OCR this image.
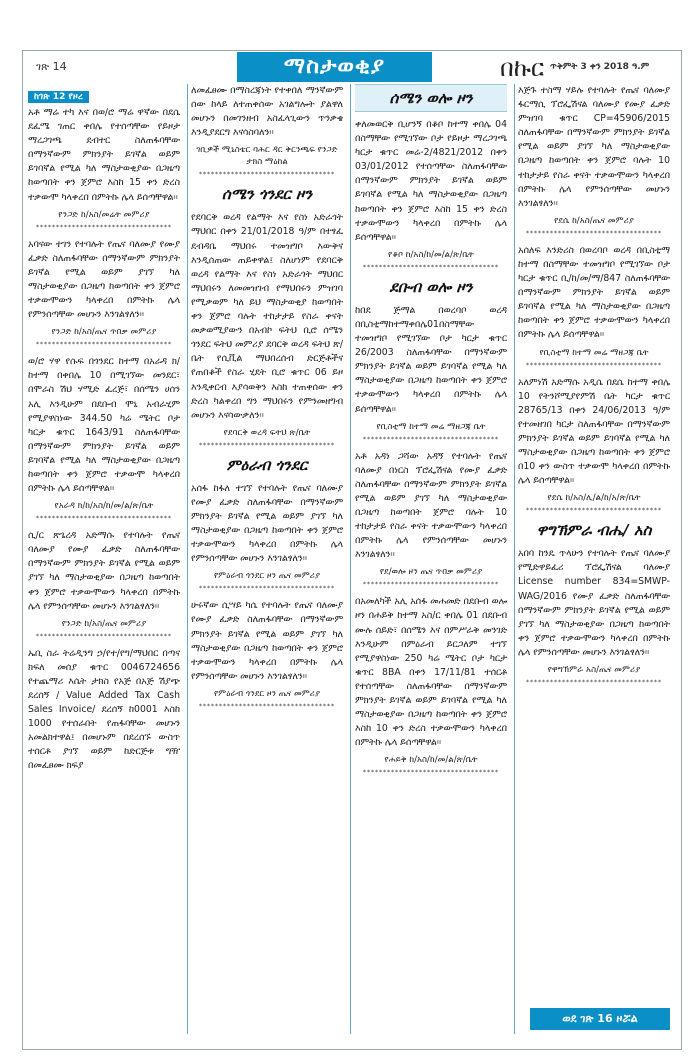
ገጽ 14	ማስታወቂያ	በኩር ጥቅምት 3 ቀን 2018 ዓ.ም
ከገጽ 12 የዞረ

አቶ ማሬ ተካ እና በወ/ሮ ማሬ ዋኛው በደሴ ደፈሜ ገጠር ቀበሌ የተሰጣቸው የይዞታ ማረጋገጫ ደብተር ስለጠፋባቸው በማንኛውም ምክንያት ይገኛል ወይም ይገባኛል የሚል ካለ ማስታወቂያው በጋዜጣ ከወጣበት ቀን ጀምሮ እስከ 15 ቀን ድረስ ተቃውሞ ካላቀረበ በምትኩ ሌላ ይሰጣቸዋል፡፡

የንጋድ ከ/አስ/መሬት መምሪያ

**********************************

አባናው ተገን የተባሉት የጤና ባለሙያ የሙያ ፈቃድ ስለጠፋባቸው በማንኛውም ምክንያት ይገኛል የሚል ወይም ያገኘ ካለ ማስታወቂያው በጋዜጣ ከወጣበት ቀን ጀምሮ ተቃውሞውን ካላቀረበ በምትኩ ሌላ የምንሰጣቸው መሆኑን እንገልፃለን፡፡

የንጋድ ከ/አስ/ጤና ጥበቃ መምሪያ

**********************************

ወ/ሮ ሃዋ የሱፍ በጎንደር ከተማ በአራዳ ክ/ከተማ በቀበሌ 10 በሚገኘው መንደር፣ በሞራስ ሽህ ሃሚድ ፈረጅ፣ በሰሜን ሀሰን አሊ እንዲሁም በደቡብ ሞኒ አብራሂም የሚያዋስነው 344.50 ካሬ ሜትር ቦታ ካርታ ቁጥር 1643/91 ስለጠፋባቸው በማንኛውም ምክንያት ይገኛል ወይም ይገባኛል የሚል ካለ ማስታወቂያው በጋዜጣ ከወጣበት ቀን ጀምሮ ተቃውሞ ካላቀረበ በምትኩ ሌላ ይሰጣቸዋል፡፡

የአራዳ ክ/ከ/አስ/ከ/መ/ል/ጽ/ቤት

**********************************

ሲ/ር ጽጌረዳ አድማሱ የተባሉት የጤና ባለሙያ የሙያ ፈቃድ ስለጠፋባቸው በማንኛውም ምክንያት ይገኛል የሚል ወይም ያገኘ ካለ ማስታወቂያው በጋዜጣ ከወጣበት ቀን ጀምሮ ተቃውሞውን ካላቀረበ በምትኩ ሌላ የምንሰጣቸው መሆኑን እንገልፃለን፡፡

የንጋድ ከ/አስ/ጤና መምሪያ

**********************************

ኤቢ ስራ ትሬዲንግ ኃ/የተ/የግ/ማህበር በጣና ክፍለ መሰያ ቁጥር 0046724656 የተጨማሪ እሴት ታክስ የአጅ በአጅ ሽያጭ ደረሰኝ / Value Added Tax Cash Sales Invoice/ ደረሰኝ ከ0001 እስከ 1000 የተሰራበት የጠፋባቸው መሆኑን አመልክተዋል፤ በመሆኑም በደረሰኙ ውስጥ ተሰርቶ ያገኘ ወይም ከድርጅቱ ግዥ በመፈፀሙ ክፍያ

ለመፈፀሙ በማስረጃነት የተቀበለ ማንኛውም ሰው ከላይ ለተጠቀሰው አገልግሎት ያልዋለ መሆኑን በመገንዘብ አስፈላጊውን ጥንቃቄ እንዲያደርግ እናሳስባለን፡፡

ገቢዎች ሚኒስቴር ባሕር ዳር ቅርንጫፍ የንጋድ ታክስ ማዕከል

**********************************
ሰሜን ጎንደር ዞን

የደባርቅ ወረዳ የልማት እና የስነ አድራጎት ማህበር በቀን 21/01/2018 ዓ/ም በተፃፈ ደብዳቤ ማህበሩ ተመዝግቦ እውቅና እንዲሰጠው ጠይቀዋል፤ ስለሆነም የደባርቅ ወረዳ የልማት እና የስነ አድራጎት ማህበር ማህበሩን ለመመዝገብ የማህበሩን ምዝገባ የሚቃወም ካለ ይህ ማስታወቂያ ከወጣበት ቀን ጀምሮ ባሉት ተከታታይ የስራ ቀናት መቃወሚያውን በአብኮ ፍትህ ቢሮ ሰሜን ጎንደር ፍትህ መምሪያ ደባርቅ ወረዳ ፍትህ ጽ/ቤት የሲቪል ማህበረሰብ ድርጅቶችና የጠበቆች የስራ ሂደት ቢሮ ቁጥር 06 ይዞ እንዲቀርብ እያሳወቅን እስከ ተጠቀሰው ቀን ድረስ ካልቀረበ ግን ማህበሩን የምንመዘግብ መሆኑን እናሳውቃለን፡፡

የደባርቅ ወረዳ ፍትህ ጽ/ቤት

**********************************
ምዕራብ ጎንደር

አሰፋ ከፋለ ተገኘ የተባሉት የጤና ባለሙያ የሙያ ፈቃድ ስለጠፋባቸው በማንኛውም ምክንያት ይገኛል የሚል ወይም ያገኘ ካለ ማስታወቂያው በጋዜጣ ከወጣበት ቀን ጀምሮ ተቃውሞውን ካላቀረበ በምትኩ ሌላ የምንሰጣቸው መሆኑን እንገልፃለን፡፡

የምዕራብ ጎንደር ዞን ጤና መምሪያ

**********************************

ሁሩኛው ሲሣይ ካሴ የተባሉት የጤና ባለሙያ የሙያ ፈቃድ ስለጠፋባቸው በማንኛውም ምክንያት ይገኛል የሚል ወይም ያገኘ ካለ ማስታወቂያው በጋዜጣ ከወጣበት ቀን ጀምሮ ተቃውሞውን ካላቀረበ በምትኩ ሌላ የምንሰጣቸው መሆኑን እንገልፃለን፡፡

የምዕራብ ጎንደር ዞን ጤና መምሪያ

**********************************
ሰሜን ወሎ ዞን

ቀለመወርቅ ቢሆንኝ በቆቦ ከተማ ቀበሌ 04 በስማቸው የሚገኘው ቦታ የይዞታ ማረጋገጫ ካርታ ቁጥር መሬ-2/4821/2012 በቀን 03/01/2012 የተሰጣቸው ስለጠፋባቸው በማንኛውም ምክንያት ይገኛል ወይም ይገባኛል የሚል ካለ ማስታወቂያው በጋዜጣ ከወጣበት ቀን ጀምሮ እስከ 15 ቀን ድረስ ተቃውሞውን ካላቀረበ በምትኩ ሌላ ይሰጣቸዋል፡፡

የቆቦ ከ/አስ/ከ/መ/ል/ጽ/ቤት

**********************************
ደቡብ ወሎ ዞን

ከበደ ጅማል በወረባቦ ወረዳ በቢስቲማከተማቀበሌ01በስማቸው ተመዝግቦ የሚገኘው ቦታ ካርታ ቁጥር 26/2003 ስለጠፋባቸው በማንኛውም ምክንያት ይገኛል ወይም ይገባኛል የሚል ካለ ማስታወቂያው በጋዜጣ ከወጣበት ቀን ጀምሮ ተቃውሞውን ካላቀረበ በምትኩ ሌላ ይሰጣቸዋል፡፡

የቢስቲማ ከተማ መሬ ማዘጋጃ ቤት

**********************************

አቶ አዳነ ጋሻው አዳኝ የተባሉት የጤና ባለሙያ በነርስ ፕሮፌሽናል የሙያ ፈቃድ ስለጠፋባቸው በማንኛውም ምክንያት ይገኛል የሚል ወይም ያገኘ ካለ ማስታወቂያው በጋዜጣ ከወጣበት ጀምሮ ባሉት 10 ተከታታይ የስራ ቀናት ተቃውሞውን ካላቀረበ በምትኩ ሌላ የምንሰጣቸው መሆኑን እንገልፃለን፡፡

የደ/ወሎ ዞን ጤና ጥበቃ መምሪያ

**********************************

በአመለካች አሊ አሰፋ መሐመድ በደቡብ ወሎ ዞን በሐይቅ ከተማ አስ/ር ቀበሌ 01 በደቡብ ሙሉ ሰይድ፣ በሰሜን እና በምሥራቅ መንገድ እንዲሁም በምዕራብ ይርጋለም ተገኘ የሚያዋስነው 250 ካሬ ሜትር ቦታ ካርታ ቁጥር 8BA በቀን 17/11/81 ተሰርቶ የተሰጣቸው ስለጠፋባቸው በማንኛውም ምክንያት ይገኛል ወይም ይገባኛል የሚል ካለ ማስታወቂያው በጋዜጣ ከወጣበት ቀን ጀምሮ እስከ 10 ቀን ድረስ ተቃውሞውን ካላቀረበ በምትኩ ሌላ ይሰጣቸዋል፡፡

የሐይቅ ከ/አስ/ከ/መ/ል/ጽ/ቤት

**********************************

እጅጉ ተስማ ሃይሉ የተባሉት የጤና ባለሙያ ፋርማሲ ፕሮፌሽናል ባለሙያ የሙያ ፈቃድ ምዝገባ ቁጥር CP=45906/2015 ስለጠፋባቸው በማንኛውም ምክንያት ይገኛል የሚል ወይም ያገኘ ካለ ማስታወቂያው በጋዜጣ ከወጣበት ቀን ጀምሮ ባሉት 10 ተከታታይ የስራ ቀናት ተቃውሞውን ካላቀረበ በምትኩ ሌላ የምንሰጣቸው መሆኑን እንገልፃለን፡፡

የደሴ ከ/አስ/ጤና መምሪያ

**********************************

አሰለፍ እንድሪስ በወረባቦ ወረዳ በቢስቲማ ከተማ በስማቸው ተመዝግቦ የሚገኘው ቦታ ካርታ ቁጥር ቢ/ከ/መ/ማ/847 ስለጠፋባቸው በማንኛውም ምክንያት ይገኛል ወይም ይገባኛል የሚል ካለ ማስታወቂያው በጋዜጣ ከወጣበት ቀን ጀምሮ ተቃውሞውን ካላቀረበ በምትኩ ሌላ ይሰጣቸዋል፡፡

የቢስቲማ ከተማ መሬ ማዘጋጃ ቤት

**********************************

አለምነሽ አድማሱ አዲሴ በደሴ ከተማ ቀበሌ 10 የትንሾሚያየምሽ ቤት ካርታ ቁጥር 28765/13 በቀን 24/06/2013 ዓ/ም የተመዘገበ ካርታ ስለጠፋባቸው በማንኛውም ምክንያት ይገኛል ወይም ይገባኛል የሚል ካለ ማስታወቂያው በጋዜጣ ከወጣበት ቀን ጀምሮ በ10 ቀን ውስጥ ተቃውሞ ካላቀረበ በምትኩ ሌላ ይሰጣቸዋል፡፡

የደሴ ከ/አስ/ሊ/ል/ከ/አ/ጽ/ቤት

**********************************
ዋግኽምራ ብሔ/ አስ

አበባ ከንዴ ጥላሁን የተባሉት የጤና ባለሙያ የሚድዋይፈሪ ፕሮፌሽናል ባለሙያ License number 834=SMWP-WAG/2016 የሙያ ፈቃድ ስለጠፋባቸው በማንኛውም ምክንያት ይገኛል የሚል ወይም ያገኘ ካለ ማስታወቂያው በጋዜጣ ከወጣበት ቀን ጀምሮ ተቃውሞውን ካላቀረበ በምትኩ ሌላ የምንሰጣቸው መሆኑን እንገልፃለን፡፡

የዋግኽምራ አስ/ጤና መምሪያ

**********************************
ወደ ገጽ 16 ዞሯል
